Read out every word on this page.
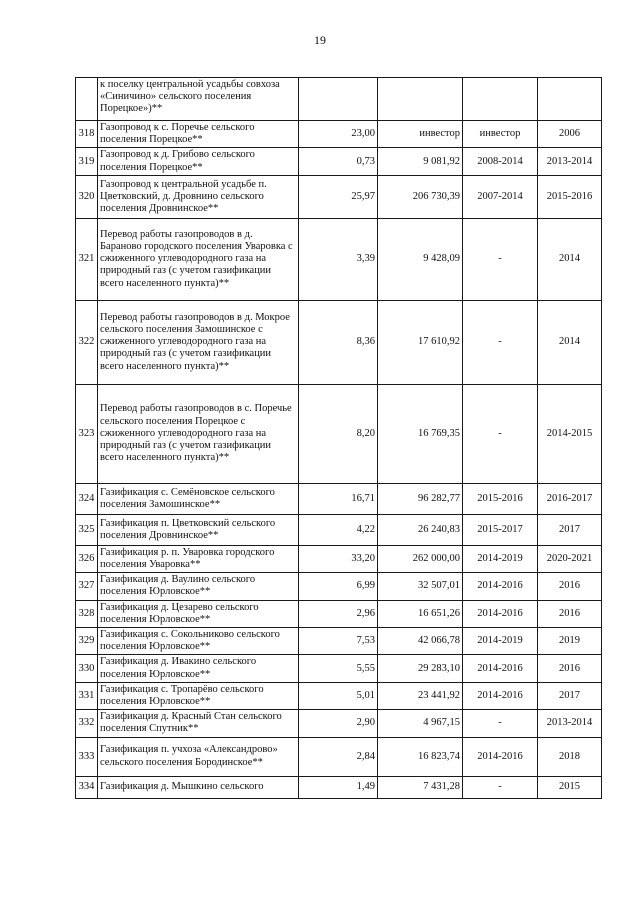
19
	к поселку центральной усадьбы совхоза «Синичино» сельского поселения Порецкое»)**				
318	Газопровод к с. Поречье сельского поселения Порецкое**	23,00	инвестор	инвестор	2006
319	Газопровод к д. Грибово сельского поселения Порецкое**	0,73	9 081,92	2008-2014	2013-2014
320	Газопровод к центральной усадьбе п. Цветковский, д. Дровнино сельского поселения Дровнинское**	25,97	206 730,39	2007-2014	2015-2016
321	Перевод работы газопроводов в д. Бараново городского поселения Уваровка с сжиженного углеводородного газа на природный газ (с учетом газификации всего населенного пункта)**	3,39	9 428,09	-	2014
322	Перевод работы газопроводов в д. Мокрое сельского поселения Замошинское с сжиженного углеводородного газа на природный газ (с учетом газификации всего населенного пункта)**	8,36	17 610,92	-	2014
323	Перевод работы газопроводов в с. Поречье сельского поселения Порецкое с сжиженного углеводородного газа на природный газ (с учетом газификации всего населенного пункта)**	8,20	16 769,35	-	2014-2015
324	Газификация с. Семёновское сельского поселения Замошинское**	16,71	96 282,77	2015-2016	2016-2017
325	Газификация п. Цветковский сельского поселения Дровнинское**	4,22	26 240,83	2015-2017	2017
326	Газификация р. п. Уваровка городского поселения Уваровка**	33,20	262 000,00	2014-2019	2020-2021
327	Газификация д. Ваулино сельского поселения Юрловское**	6,99	32 507,01	2014-2016	2016
328	Газификация д. Цезарево сельского поселения Юрловское**	2,96	16 651,26	2014-2016	2016
329	Газификация с. Сокольниково сельского поселения Юрловское**	7,53	42 066,78	2014-2019	2019
330	Газификация д. Ивакино сельского поселения Юрловское**	5,55	29 283,10	2014-2016	2016
331	Газификация с. Тропарёво сельского поселения Юрловское**	5,01	23 441,92	2014-2016	2017
332	Газификация д. Красный Стан сельского поселения Спутник**	2,90	4 967,15	-	2013-2014
333	Газификация п. учхоза «Александрово» сельского поселения Бородинское**	2,84	16 823,74	2014-2016	2018
334	Газификация д. Мышкино сельского	1,49	7 431,28	-	2015
